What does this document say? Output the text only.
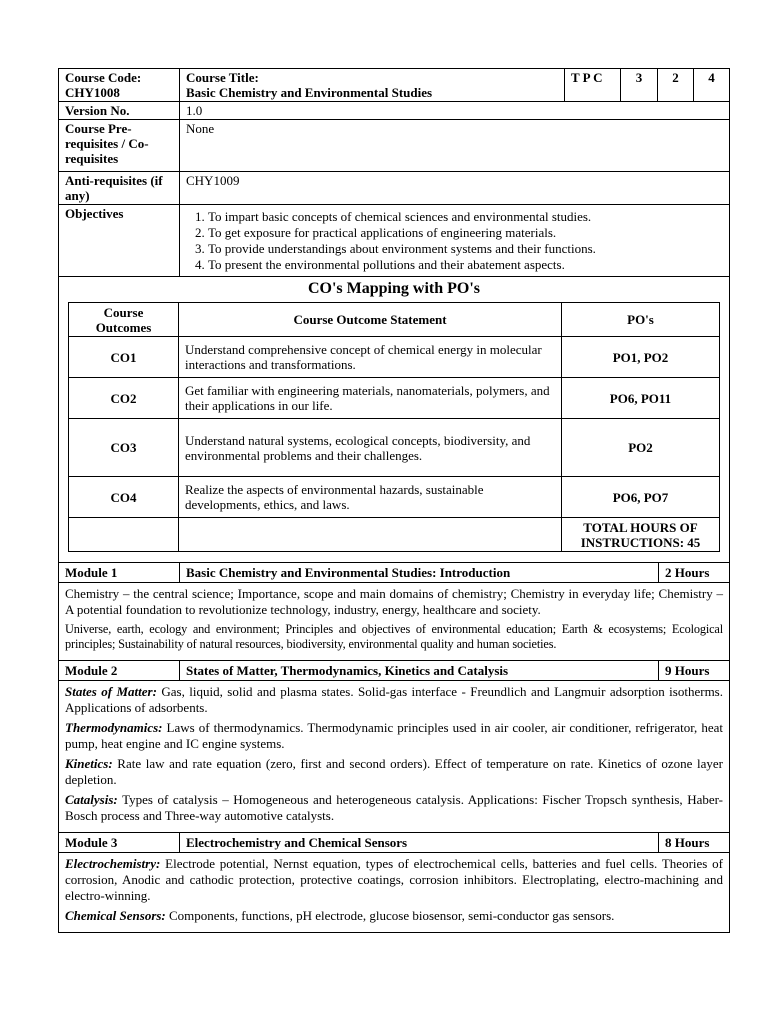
Course Code:
CHY1008

Course Title:
Basic Chemistry and Environmental Studies
	T P C	3	2	4
Version No.	1.0
Course Pre-requisites / Co-requisites	None
Anti-requisites (if any)	CHY1009
Objectives	
1.To impart basic concepts of chemical sciences and environmental studies.
2. To get exposure for practical applications of engineering materials.
3. To provide understandings about environment systems and their functions.
4. To present the environmental pollutions and their abatement aspects.

CO's Mapping with PO's
Course Outcomes	Course Outcome Statement	PO's
CO1	Understand comprehensive concept of chemical energy in molecular interactions and transformations.	PO1, PO2
CO2	Get familiar with engineering materials, nanomaterials, polymers, and their applications in our life.	PO6, PO11
CO3	Understand natural systems, ecological concepts, biodiversity, and environmental problems and their challenges.	PO2
CO4	Realize the aspects of environmental hazards, sustainable developments, ethics, and laws.	PO6, PO7
		TOTAL HOURS OF INSTRUCTIONS: 45
Module 1	Basic Chemistry and Environmental Studies: Introduction	2 Hours

Chemistry – the central science; Importance, scope and main domains of chemistry; Chemistry in everyday life; Chemistry – A potential foundation to revolutionize technology, industry, energy, healthcare and society.

Universe, earth, ecology and environment; Principles and objectives of environmental education; Earth & ecosystems; Ecological principles; Sustainability of natural resources, biodiversity, environmental quality and human societies.		

Module 2	States of Matter, Thermodynamics, Kinetics and Catalysis	9 Hours

States of Matter: Gas, liquid, solid and plasma states. Solid-gas interface - Freundlich and Langmuir adsorption isotherms. Applications of adsorbents.

Thermodynamics: Laws of thermodynamics. Thermodynamic principles used in air cooler, air conditioner, refrigerator, heat pump, heat engine and IC engine systems.

Kinetics: Rate law and rate equation (zero, first and second orders). Effect of temperature on rate. Kinetics of ozone layer depletion.

Catalysis: Types of catalysis – Homogeneous and heterogeneous catalysis. Applications: Fischer Tropsch synthesis, Haber-Bosch process and Three-way automotive catalysts.		

Module 3	Electrochemistry and Chemical Sensors	8 Hours

Electrochemistry: Electrode potential, Nernst equation, types of electrochemical cells, batteries and fuel cells. Theories of corrosion, Anodic and cathodic protection, protective coatings, corrosion inhibitors. Electroplating, electro-machining and electro-winning.

Chemical Sensors: Components, functions, pH electrode, glucose biosensor, semi-conductor gas sensors.		
